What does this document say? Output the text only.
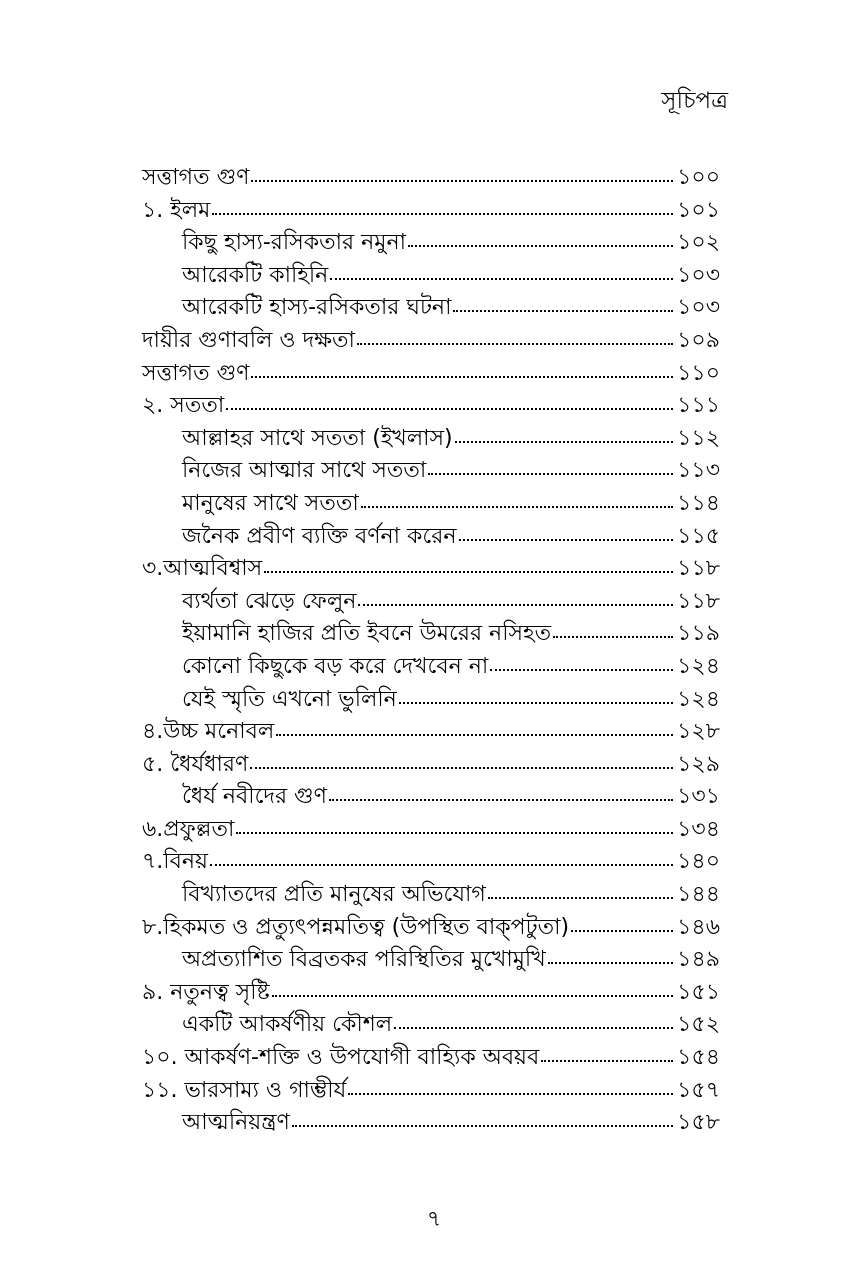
সূচিপত্র
সত্তাগত গুণ	১০০
১. ইলম	১০১
কিছু হাস্য-রসিকতার নমুনা	১০২
আরেকটি কাহিনি	১০৩
আরেকটি হাস্য-রসিকতার ঘটনা	১০৩
দায়ীর গুণাবলি ও দক্ষতা	১০৯
সত্তাগত গুণ	১১০
২. সততা	১১১
আল্লাহর সাথে সততা (ইখলাস)	১১২
নিজের আত্মার সাথে সততা	১১৩
মানুষের সাথে সততা	১১৪
জনৈক প্রবীণ ব্যক্তি বর্ণনা করেন	১১৫
৩.আত্মবিশ্বাস	১১৮
ব্যর্থতা ঝেড়ে ফেলুন	১১৮
ইয়ামানি হাজির প্রতি ইবনে উমরের নসিহত	১১৯
কোনো কিছুকে বড় করে দেখবেন না	১২৪
যেই স্মৃতি এখনো ভুলিনি	১২৪
৪.উচ্চ মনোবল	১২৮
৫. ধৈর্যধারণ	১২৯
ধৈর্য নবীদের গুণ	১৩১
৬.প্রফুল্লতা	১৩৪
৭.বিনয়	১৪০
বিখ্যাতদের প্রতি মানুষের অভিযোগ	১৪৪
৮.হিকমত ও প্রত্যুৎপন্নমতিত্ব (উপস্থিত বাক্‌পটুতা)	১৪৬
অপ্রত্যাশিত বিব্রতকর পরিস্থিতির মুখোমুখি	১৪৯
৯. নতুনত্ব সৃষ্টি	১৫১
একটি আকর্ষণীয় কৌশল	১৫২
১০. আকর্ষণ-শক্তি ও উপযোগী বাহ্যিক অবয়ব	১৫৪
১১. ভারসাম্য ও গাম্ভীর্য	১৫৭
আত্মনিয়ন্ত্রণ	১৫৮
৭
